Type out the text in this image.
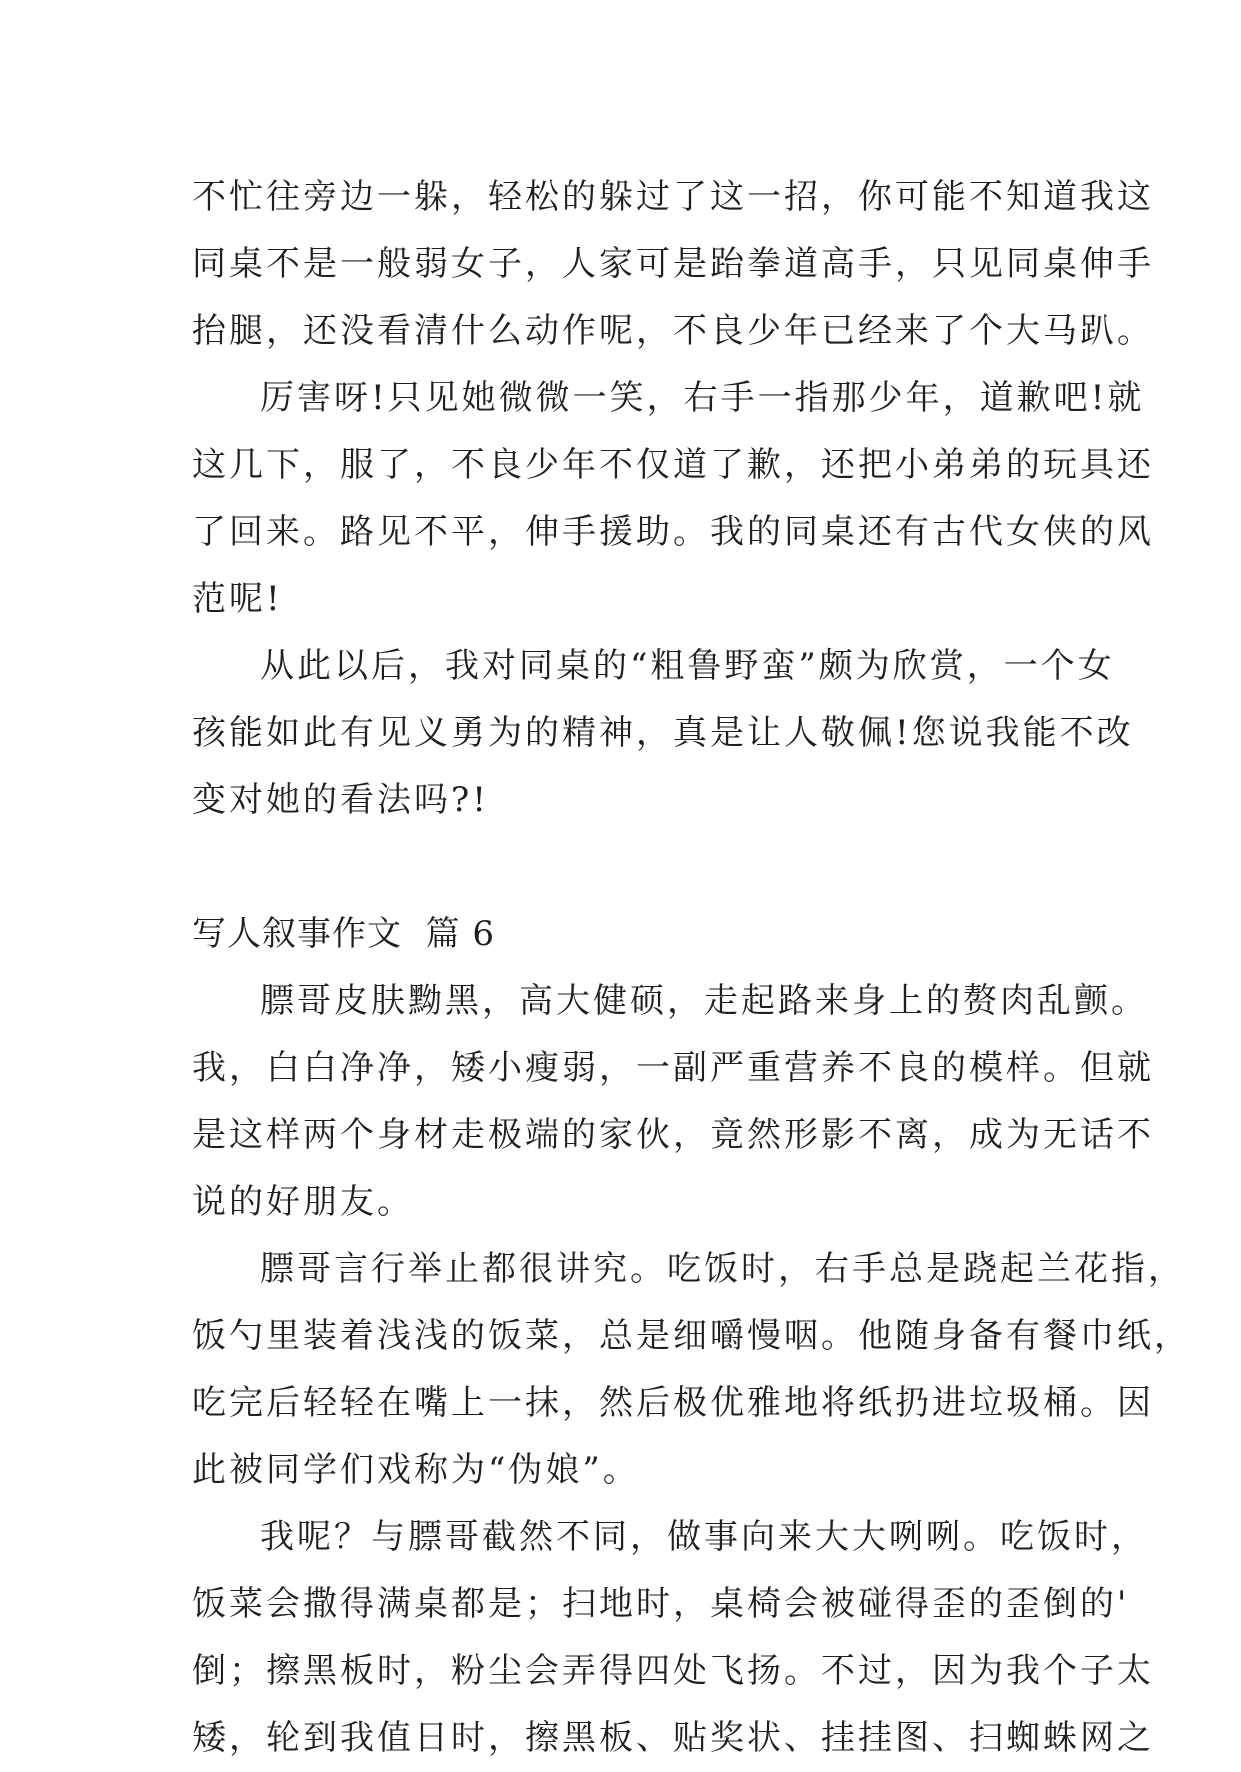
不忙往旁边一躲，轻松的躲过了这一招，你可能不知道我这
同桌不是一般弱女子，人家可是跆拳道高手，只见同桌伸手
抬腿，还没看清什么动作呢，不良少年已经来了个大马趴。
厉害呀!只见她微微一笑，右手一指那少年，道歉吧!就
这几下，服了，不良少年不仅道了歉，还把小弟弟的玩具还
了回来。路见不平，伸手援助。我的同桌还有古代女侠的风
范呢!
从此以后，我对同桌的“粗鲁野蛮”颇为欣赏，一个女
孩能如此有见义勇为的精神，真是让人敬佩!您说我能不改
变对她的看法吗?!
写人叙事作文  篇 6
膘哥皮肤黝黑，高大健硕，走起路来身上的赘肉乱颤。
我，白白净净，矮小瘦弱，一副严重营养不良的模样。但就
是这样两个身材走极端的家伙，竟然形影不离，成为无话不
说的好朋友。
膘哥言行举止都很讲究。吃饭时，右手总是跷起兰花指，
饭勺里装着浅浅的饭菜，总是细嚼慢咽。他随身备有餐巾纸，
吃完后轻轻在嘴上一抹，然后极优雅地将纸扔进垃圾桶。因
此被同学们戏称为“伪娘”。
我呢？与膘哥截然不同，做事向来大大咧咧。吃饭时，
饭菜会撒得满桌都是；扫地时，桌椅会被碰得歪的歪倒的'
倒；擦黑板时，粉尘会弄得四处飞扬。不过，因为我个子太
矮，轮到我值日时，擦黑板、贴奖状、挂挂图、扫蜘蛛网之
